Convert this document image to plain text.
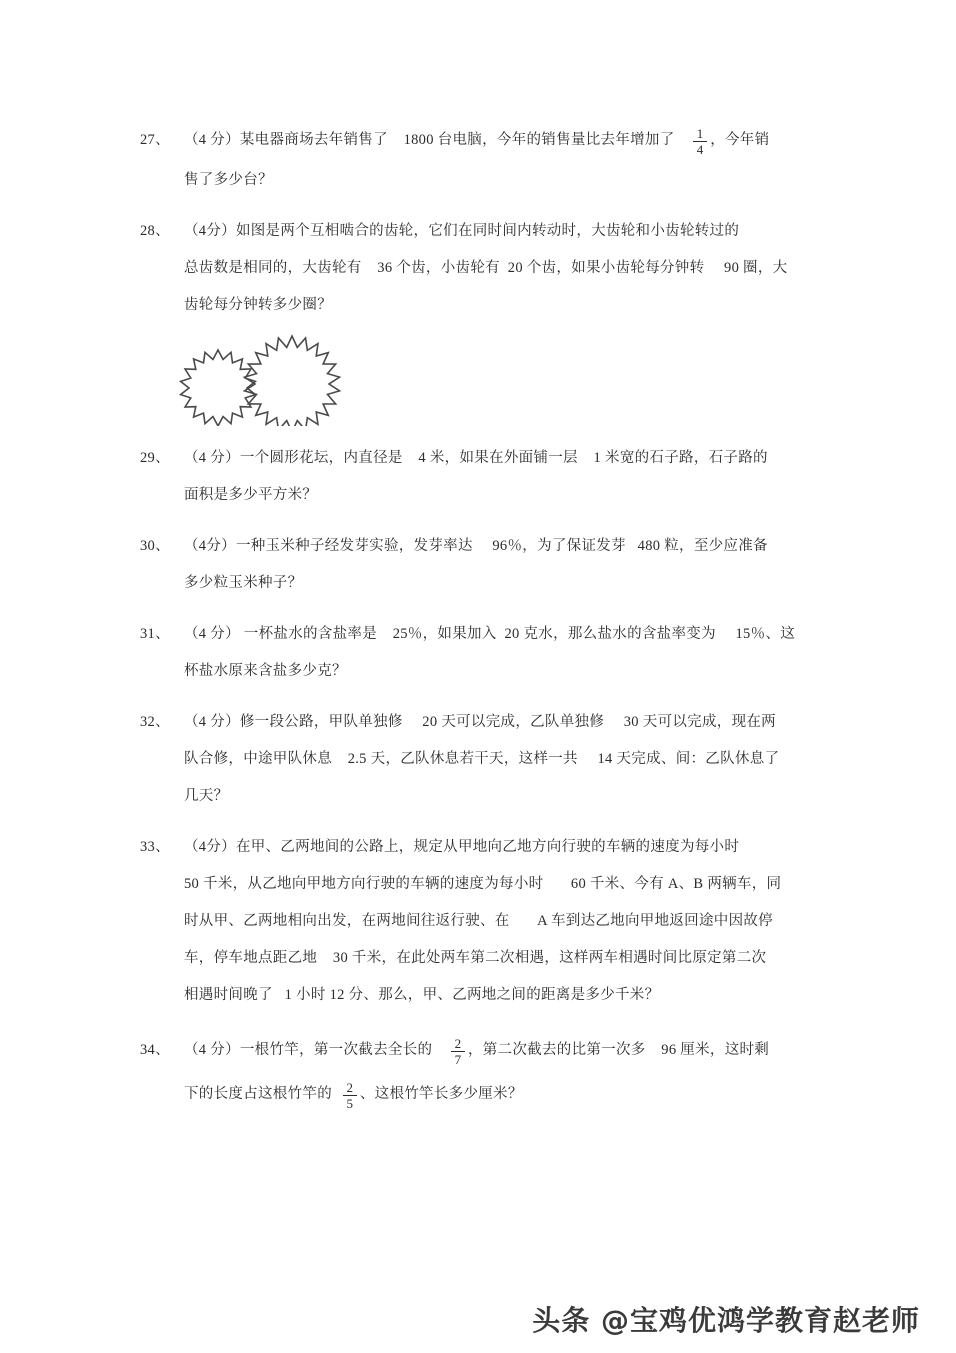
27、 （4 分）某电器商场去年销售了    1800 台电脑，今年的销售量比去年增加了 $\frac{1}{4}$ ，今年销
售了多少台？
28、 （4分）如图是两个互相啮合的齿轮，它们在同时间内转动时，大齿轮和小齿轮转过的
总齿数是相同的，大齿轮有    36 个齿，小齿轮有  20 个齿，如果小齿轮每分钟转     90 圈，大
齿轮每分钟转多少圈？
29、 （4 分）一个圆形花坛，内直径是    4 米，如果在外面铺一层    1 米宽的石子路，石子路的
面积是多少平方米？
30、 （4分）一种玉米种子经发芽实验，发芽率达     96％，为了保证发芽   480 粒，至少应准备
多少粒玉米种子？
31、 （4 分） 一杯盐水的含盐率是    25％，如果加入  20 克水，那么盐水的含盐率变为     15％、这
杯盐水原来含盐多少克？
32、 （4 分）修一段公路，甲队单独修     20 天可以完成，乙队单独修     30 天可以完成，现在两
队合修，中途甲队休息    2.5 天，乙队休息若干天，这样一共     14 天完成、间：乙队休息了
几天？
33、 （4分）在甲、乙两地间的公路上，规定从甲地向乙地方向行驶的车辆的速度为每小时
50 千米，从乙地向甲地方向行驶的车辆的速度为每小时       60 千米、今有 A、B 两辆车，同
时从甲、乙两地相向出发，在两地间往返行驶、在       A 车到达乙地向甲地返回途中因故停
车，停车地点距乙地    30 千米，在此处两车第二次相遇，这样两车相遇时间比原定第二次
相遇时间晚了   1 小时 12 分、那么，甲、乙两地之间的距离是多少千米？
34、 （4 分）一根竹竿，第一次截去全长的 $\frac{2}{7}$ ，第二次截去的比第一次多    96 厘米，这时剩
下的长度占这根竹竿的 $\frac{2}{5}$ 、这根竹竿长多少厘米？
头条 @宝鸡优鸿学教育赵老师
